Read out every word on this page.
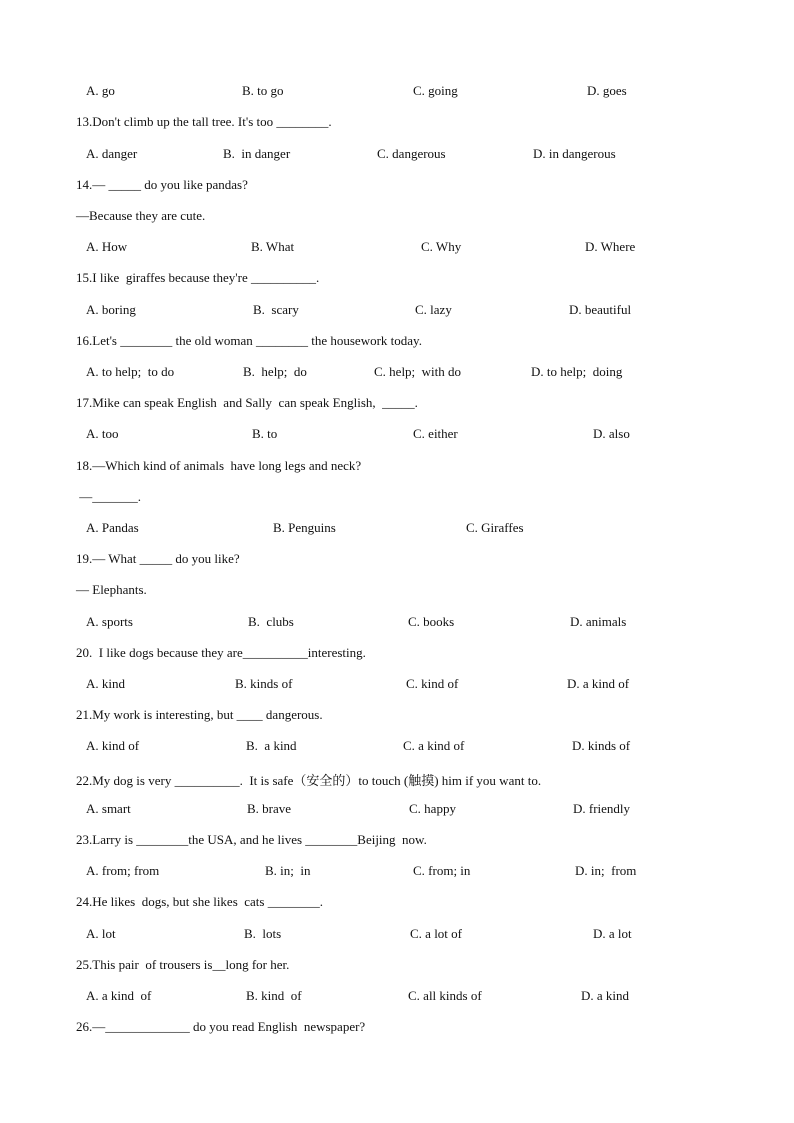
A. go	B. to go	C. going	D. goes
13.Don't climb up the tall tree. It's too ________.
A. danger	B.  in danger	C. dangerous	D. in dangerous
14.— _____ do you like pandas?
—Because they are cute.
A. How	B. What	C. Why	D. Where
15.I like  giraffes because they're __________.
A. boring	B.  scary	C. lazy	D. beautiful
16.Let's ________ the old woman ________ the housework today.
A. to help;  to do	B.  help;  do	C. help;  with do	D. to help;  doing
17.Mike can speak English  and Sally  can speak English,  _____.
A. too	B. to	C. either	D. also
18.—Which kind of animals  have long legs and neck?
—_______.
A. Pandas	B. Penguins	C. Giraffes
19.— What _____ do you like?
— Elephants.
A. sports	B.  clubs	C. books	D. animals
20.  I like dogs because they are__________interesting.
A. kind	B. kinds of	C. kind of	D. a kind of
21.My work is interesting, but ____ dangerous.
A. kind of	B.  a kind	C. a kind of	D. kinds of
22.My dog is very __________.  It is safe（安全的）to touch (触摸) him if you want to.
A. smart	B. brave	C. happy	D. friendly
23.Larry is ________the USA, and he lives ________Beijing  now.
A. from; from	B. in;  in	C. from; in	D. in;  from
24.He likes  dogs, but she likes  cats ________.
A. lot	B.  lots	C. a lot of	D. a lot
25.This pair  of trousers is__long for her.
A. a kind  of	B. kind  of	C. all kinds of	D. a kind
26.—_____________ do you read English  newspaper?
